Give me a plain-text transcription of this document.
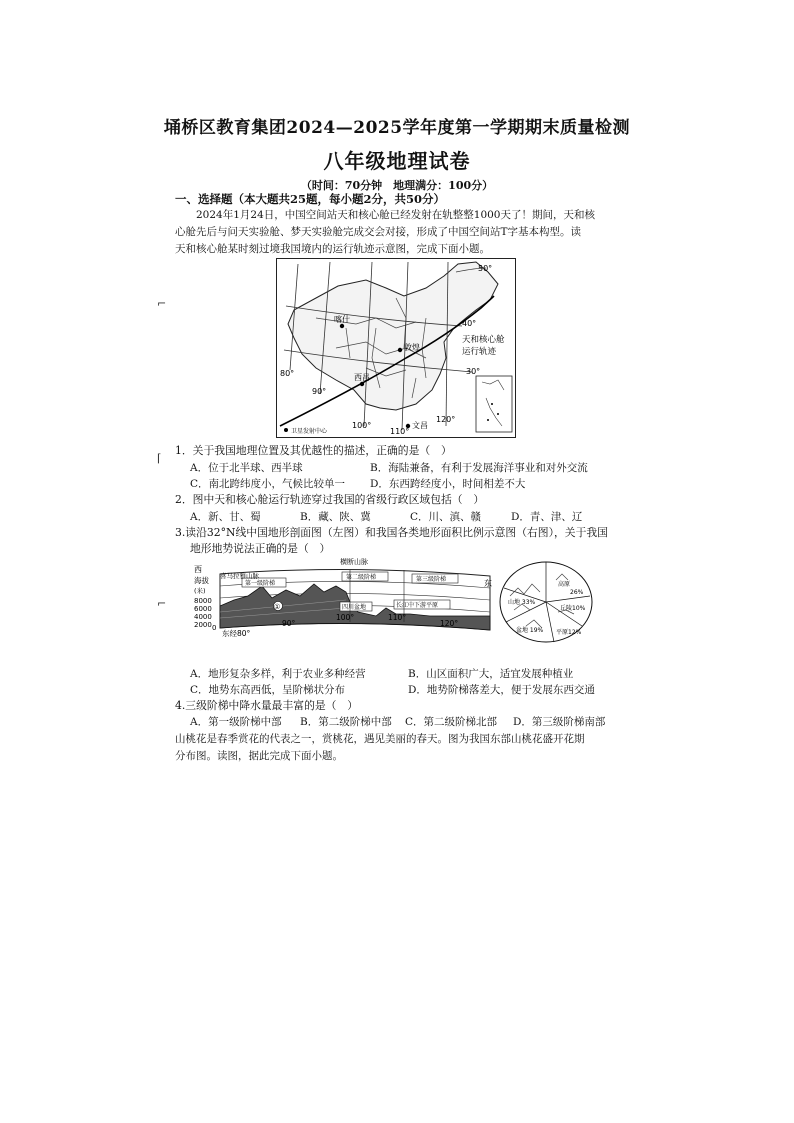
埇桥区教育集团2024—2025学年度第一学期期末质量检测
八年级地理试卷
（时间：70分钟　地理满分：100分）
一、选择题（本大题共25题，每小题2分，共50分）
　　2024年1月24日，中国空间站天和核心舱已经发射在轨整整1000天了！期间，天和核
心舱先后与问天实验舱、梦天实验舱完成交会对接，形成了中国空间站T字基本构型。读
天和核心舱某时刻过境我国境内的运行轨迹示意图，完成下面小题。
⌐
⌈
⌐
50°
40°
30°
80°
90°
100°
110°
120°
喀什
敦煌
西昌
文昌
天和核心舱
运行轨迹
卫星发射中心
1．关于我国地理位置及其优越性的描述，正确的是（　）
A．位于北半球、西半球	B．海陆兼备，有利于发展海洋事业和对外交流
C．南北跨纬度小，气候比较单一 D．东西跨经度小，时间相差不大
2．图中天和核心舱运行轨迹穿过我国的省级行政区域包括（　）
A．新、甘、蜀	B．藏、陕、冀	C．川、滇、赣	D．青、津、辽
3.读沿32°N线中国地形剖面图（左图）和我国各类地形面积比例示意图（右图），关于我国
地形地势说法正确的是（　）
西
东
海拔
(米)
8000
6000
4000
2000 0
横断山脉
喜马拉雅山脉
第一级阶梯
第二级阶梯	第三级阶梯
四川盆地	长江中下游平原
①
东经80°
90°
100°	110°
120°
高原
26%
丘陵10%
平原12%
盆地 19%
山地 33%
A．地形复杂多样，利于农业多种经营	B．山区面积广大，适宜发展种植业
C．地势东高西低，呈阶梯状分布	D．地势阶梯落差大，便于发展东西交通
4.三级阶梯中降水量最丰富的是（　）
A．第一级阶梯中部 B．第二级阶梯中部 C．第二级阶梯北部 D．第三级阶梯南部
山桃花是春季赏花的代表之一，赏桃花，遇见美丽的春天。图为我国东部山桃花盛开花期
分布图。读图，据此完成下面小题。
